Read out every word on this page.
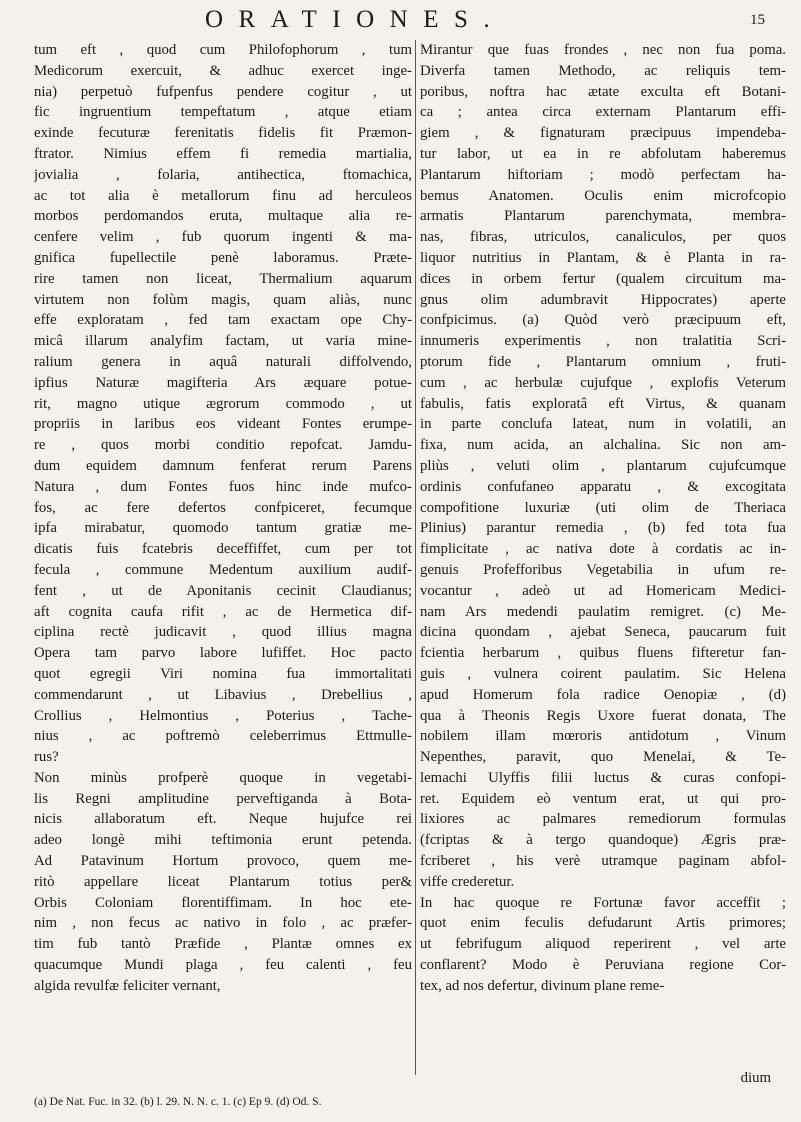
ORATIONES.	15
tum eft , quod cum Philofophorum , tum
Medicorum exercuit, & adhuc exercet inge-
nia) perpetuò fufpenfus pendere cogitur , ut
fic ingruentium tempeftatum , atque etiam
exinde fecuturæ ferenitatis fidelis fit Præmon-
ftrator. Nimius effem fi remedia martialia,
jovialia , folaria, antihectica, ftomachica,
ac tot alia è metallorum finu ad herculeos
morbos perdomandos eruta, multaque alia re-
cenfere velim , fub quorum ingenti & ma-
gnifica fupellectile penè laboramus. Præte-
rire tamen non liceat, Thermalium aquarum
virtutem non folùm magis, quam aliàs, nunc
effe exploratam , fed tam exactam ope Chy-
micâ illarum analyfim factam, ut varia mine-
ralium genera in aquâ naturali diffolvendo,
ipfius Naturæ magifteria Ars æquare potue-
rit, magno utique ægrorum commodo , ut
propriis in laribus eos videant Fontes erumpe-
re , quos morbi conditio repofcat. Jamdu-
dum equidem damnum fenferat rerum Parens
Natura , dum Fontes fuos hinc inde mufco-
fos, ac fere defertos confpiceret, fecumque
ipfa mirabatur, quomodo tantum gratiæ me-
dicatis fuis fcatebris deceffiffet, cum per tot
fecula , commune Medentum auxilium audif-
fent , ut de Aponitanis cecinit Claudianus;
aft cognita caufa rifit , ac de Hermetica dif-
ciplina rectè judicavit , quod illius magna
Opera tam parvo labore lufiffet. Hoc pacto
quot egregii Viri nomina fua immortalitati
commendarunt , ut Libavius , Drebellius ,
Crollius , Helmontius , Poterius , Tache-
nius , ac poftremò celeberrimus Ettmulle-
rus?
Non minùs profperè quoque in vegetabi-
lis Regni amplitudine perveftiganda à Bota-
nicis allaboratum eft. Neque hujufce rei
adeo longè mihi teftimonia erunt petenda.
Ad Patavinum Hortum provoco, quem me-
ritò appellare liceat Plantarum totius per&
Orbis Coloniam florentiffimam. In hoc ete-
nim , non fecus ac nativo in folo , ac præfer-
tim fub tantò Præfide , Plantæ omnes ex
quacumque Mundi plaga , feu calenti , feu
algida revulfæ feliciter vernant,
Mirantur que fuas frondes , nec non fua poma.
Diverfa tamen Methodo, ac reliquis tem-
poribus, noftra hac ætate exculta eft Botani-
ca ; antea circa externam Plantarum effi-
giem , & fignaturam præcipuus impendeba-
tur labor, ut ea in re abfolutam haberemus
Plantarum hiftoriam ; modò perfectam ha-
bemus Anatomen. Oculis enim microfcopio
armatis Plantarum parenchymata, membra-
nas, fibras, utriculos, canaliculos, per quos
liquor nutritius in Plantam, & è Planta in ra-
dices in orbem fertur (qualem circuitum ma-
gnus olim adumbravit Hippocrates) aperte
confpicimus. (a) Quòd verò præcipuum eft,
innumeris experimentis , non tralatitia Scri-
ptorum fide , Plantarum omnium , fruti-
cum , ac herbulæ cujufque , explofis Veterum
fabulis, fatis exploratâ eft Virtus, & quanam
in parte conclufa lateat, num in volatili, an
fixa, num acida, an alchalina. Sic non am-
pliùs , veluti olim , plantarum cujufcumque
ordinis confufaneo apparatu , & excogitata
compofitione luxuriæ (uti olim de Theriaca
Plinius) parantur remedia , (b) fed tota fua
fimplicitate , ac nativa dote à cordatis ac in-
genuis Profefforibus Vegetabilia in ufum re-
vocantur , adeò ut ad Homericam Medici-
nam Ars medendi paulatim remigret. (c) Me-
dicina quondam , ajebat Seneca, paucarum fuit
fcientia herbarum , quibus fluens fifteretur fan-
guis , vulnera coirent paulatim. Sic Helena
apud Homerum fola radice Oenopiæ , (d)
qua à Theonis Regis Uxore fuerat donata, The
nobilem illam mœroris antidotum , Vinum
Nepenthes, paravit, quo Menelai, & Te-
lemachi Ulyffis filii luctus & curas confopi-
ret. Equidem eò ventum erat, ut qui pro-
lixiores ac palmares remediorum formulas
(fcriptas & à tergo quandoque) Ægris præ-
fcriberet , his verè utramque paginam abfol-
viffe crederetur.
In hac quoque re Fortunæ favor acceffit ;
quot enim feculis defudarunt Artis primores;
ut febrifugum aliquod reperirent , vel arte
conflarent? Modo è Peruviana regione Cor-
tex, ad nos defertur, divinum plane reme-
dium
(a) De Nat. Fuc. in 32. (b) l. 29. N. N. c. 1. (c) Ep 9. (d) Od. S.
